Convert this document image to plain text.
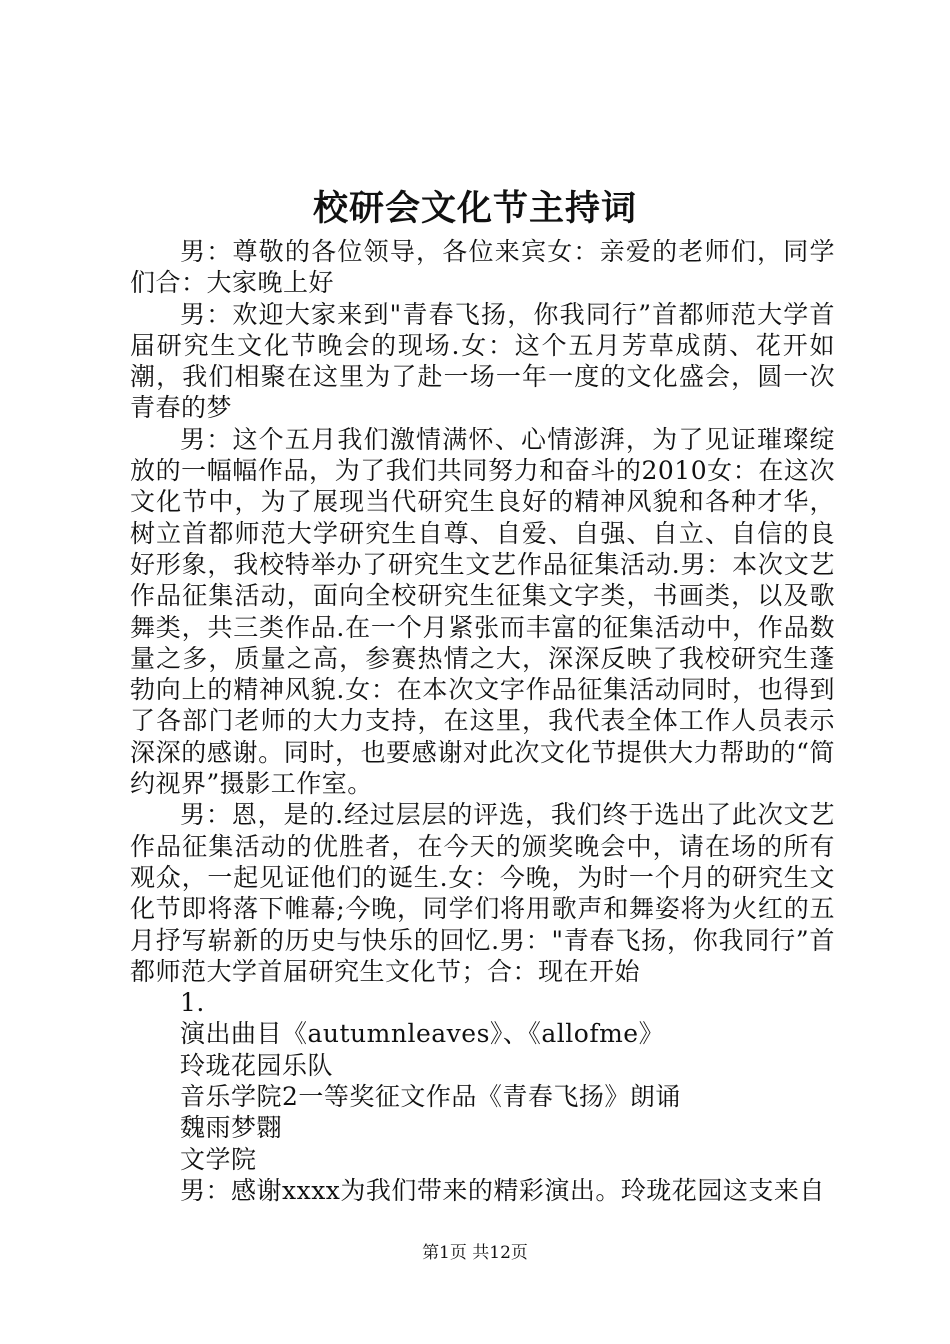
校研会文化节主持词

男：尊敬的各位领导，各位来宾女：亲爱的老师们，同学们合：大家晚上好

男：欢迎大家来到"青春飞扬，你我同行”首都师范大学首届研究生文化节晚会的现场.女：这个五月芳草成荫、花开如潮，我们相聚在这里为了赴一场一年一度的文化盛会，圆一次青春的梦

男：这个五月我们激情满怀、心情澎湃，为了见证璀璨绽放的一幅幅作品，为了我们共同努力和奋斗的2010女：在这次文化节中，为了展现当代研究生良好的精神风貌和各种才华，树立首都师范大学研究生自尊、自爱、自强、自立、自信的良好形象，我校特举办了研究生文艺作品征集活动.男：本次文艺作品征集活动，面向全校研究生征集文字类，书画类，以及歌舞类，共三类作品.在一个月紧张而丰富的征集活动中，作品数量之多，质量之高，参赛热情之大，深深反映了我校研究生蓬勃向上的精神风貌.女：在本次文字作品征集活动同时，也得到了各部门老师的大力支持，在这里，我代表全体工作人员表示深深的感谢。同时，也要感谢对此次文化节提供大力帮助的“简约视界”摄影工作室。

男：恩，是的.经过层层的评选，我们终于选出了此次文艺作品征集活动的优胜者，在今天的颁奖晚会中，请在场的所有观众，一起见证他们的诞生.女：今晚，为时一个月的研究生文化节即将落下帷幕;今晚，同学们将用歌声和舞姿将为火红的五月抒写崭新的历史与快乐的回忆.男："青春飞扬，你我同行”首都师范大学首届研究生文化节；合：现在开始

1.

演出曲目《autumnleaves》、《allofme》

玲珑花园乐队

音乐学院2一等奖征文作品《青春飞扬》朗诵

魏雨梦翾

文学院

男：感谢xxxx为我们带来的精彩演出。玲珑花园这支来自

第1页 共12页
